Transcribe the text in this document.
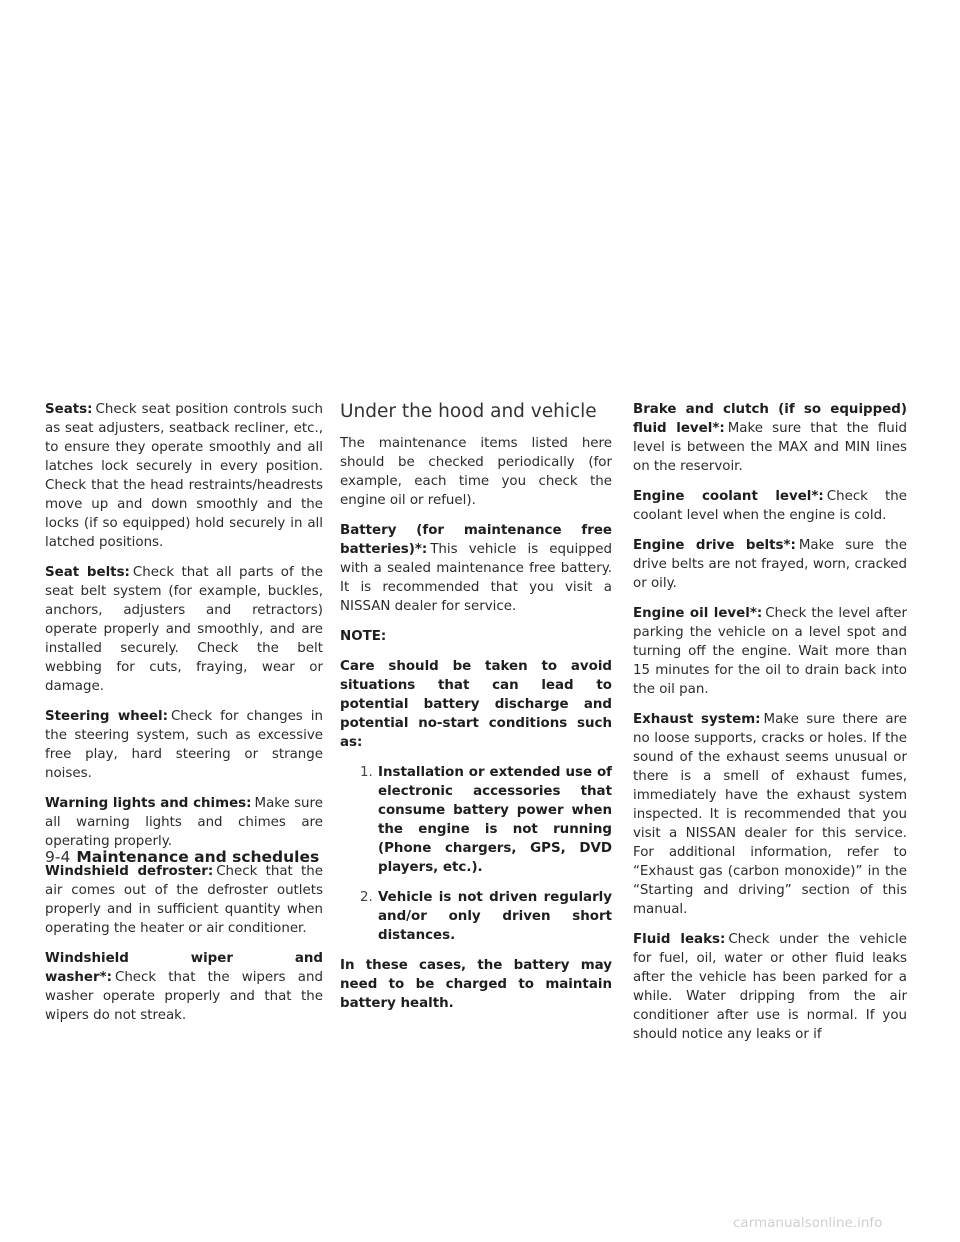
Seats: Check seat position controls such as seat adjusters, seatback recliner, etc., to ensure they operate smoothly and all latches lock securely in every position. Check that the head restraints/headrests move up and down smoothly and the locks (if so equipped) hold securely in all latched positions.

Seat belts: Check that all parts of the seat belt system (for example, buckles, anchors, adjusters and retractors) operate properly and smoothly, and are installed securely. Check the belt webbing for cuts, fraying, wear or damage.

Steering wheel: Check for changes in the steering system, such as excessive free play, hard steering or strange noises.

Warning lights and chimes: Make sure all warning lights and chimes are operating properly.

Windshield defroster: Check that the air comes out of the defroster outlets properly and in sufficient quantity when operating the heater or air conditioner.

Windshield wiper and washer*: Check that the wipers and washer operate properly and that the wipers do not streak.

Under the hood and vehicle

The maintenance items listed here should be checked periodically (for example, each time you check the engine oil or refuel).

Battery (for maintenance free batteries)*: This vehicle is equipped with a sealed maintenance free battery. It is recommended that you visit a NISSAN dealer for service.

NOTE:

Care should be taken to avoid situations that can lead to potential battery discharge and potential no-start conditions such as:

1. Installation or extended use of electronic accessories that consume battery power when the engine is not running (Phone chargers, GPS, DVD players, etc.).
2. Vehicle is not driven regularly and/or only driven short distances.

In these cases, the battery may need to be charged to maintain battery health.

Brake and clutch (if so equipped) fluid level*: Make sure that the fluid level is between the MAX and MIN lines on the reservoir.

Engine coolant level*: Check the coolant level when the engine is cold.

Engine drive belts*: Make sure the drive belts are not frayed, worn, cracked or oily.

Engine oil level*: Check the level after parking the vehicle on a level spot and turning off the engine. Wait more than 15 minutes for the oil to drain back into the oil pan.

Exhaust system: Make sure there are no loose supports, cracks or holes. If the sound of the exhaust seems unusual or there is a smell of exhaust fumes, immediately have the exhaust system inspected. It is recommended that you visit a NISSAN dealer for this service. For additional information, refer to “Exhaust gas (carbon monoxide)” in the “Starting and driving” section of this manual.

Fluid leaks: Check under the vehicle for fuel, oil, water or other fluid leaks after the vehicle has been parked for a while. Water dripping from the air conditioner after use is normal. If you should notice any leaks or if

9-4 Maintenance and schedules
carmanualsonline.info
